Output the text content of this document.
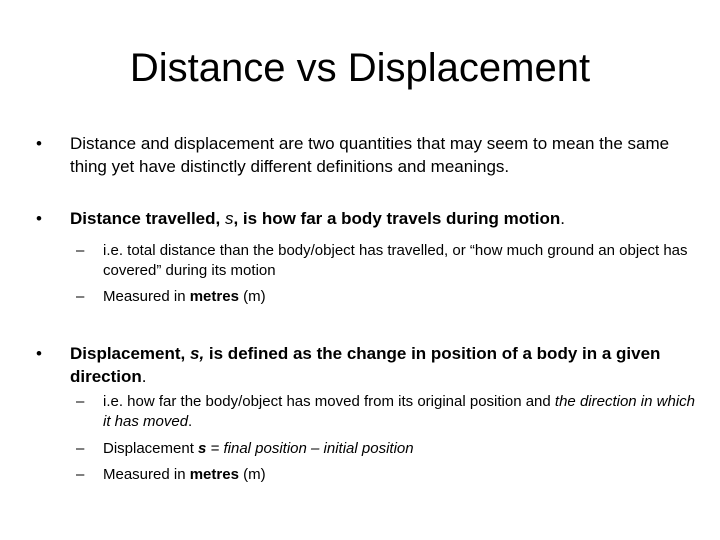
Distance vs Displacement
• Distance and displacement are two quantities that may seem to mean the same thing yet have distinctly different definitions and meanings.
• Distance travelled, s, is how far a body travels during motion.
– i.e. total distance than the body/object has travelled, or “how much ground an object has covered” during its motion
– Measured in metres (m)
• Displacement, s, is defined as the change in position of a body in a given direction.
– i.e. how far the body/object has moved from its original position and the direction in which it has moved.
– Displacement s = final position – initial position
– Measured in metres (m)
